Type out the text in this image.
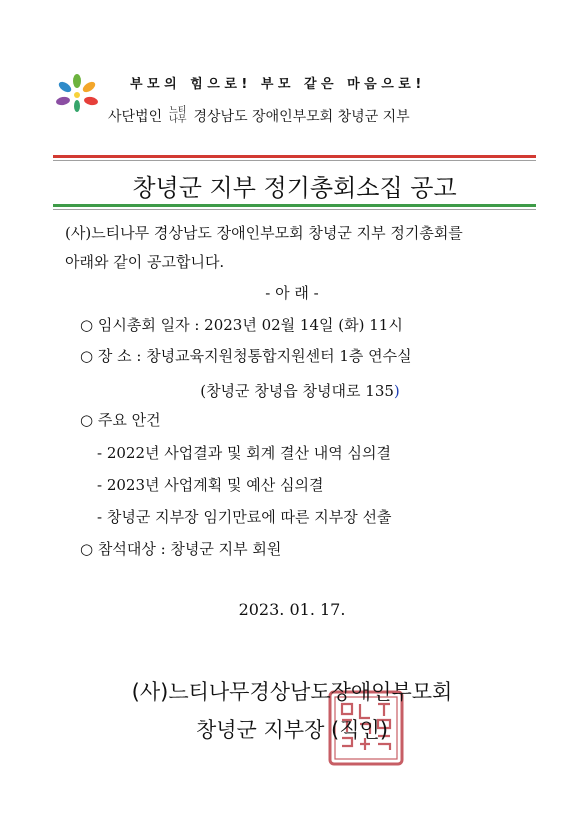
부모의 힘으로! 부모 같은 마음으로!
사단법인 느티
나무 경상남도 장애인부모회 창녕군 지부
창녕군 지부 정기총회소집 공고
(사)느티나무 경상남도 장애인부모회 창녕군 지부 정기총회를
아래와 같이 공고합니다.
- 아 래 -
○ 임시총회 일자 : 2023년 02월 14일 (화) 11시
○ 장 소 : 창녕교육지원청통합지원센터 1층 연수실
(창녕군 창녕읍 창녕대로 135)
○ 주요 안건
- 2022년 사업결과 및 회계 결산 내역 심의결
- 2023년 사업계획 및 예산 심의결
- 창녕군 지부장 임기만료에 따른 지부장 선출
○ 참석대상 : 창녕군 지부 회원
2023. 01. 17.
(사)느티나무경상남도장애인부모회
창녕군 지부장 (직인)
